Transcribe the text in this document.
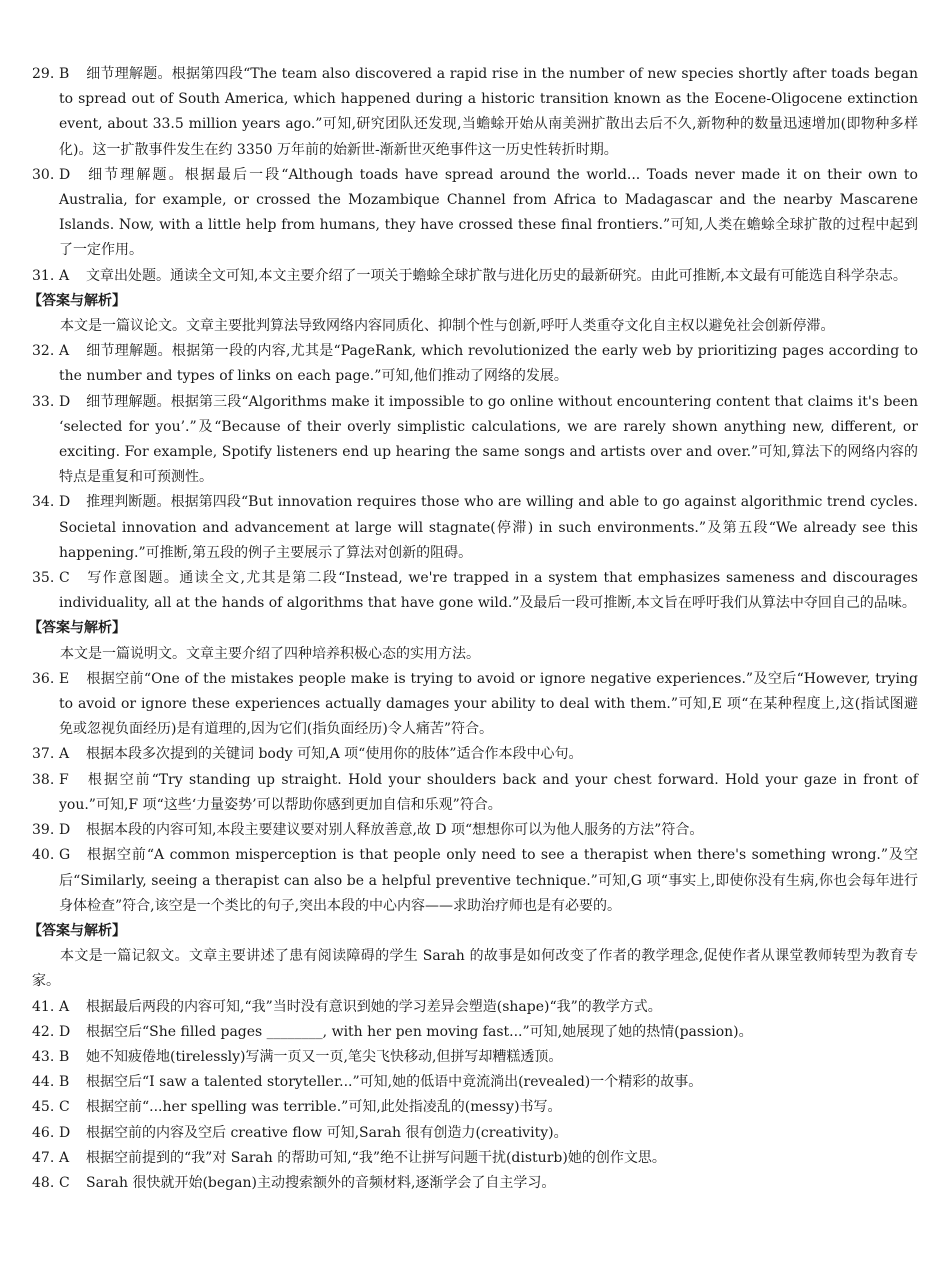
29. B 细节理解题。根据第四段“The team also discovered a rapid rise in the number of new species shortly after toads began to spread out of South America, which happened during a historic transition known as the Eocene-Oligocene extinction event, about 33.5 million years ago.”可知,研究团队还发现,当蟾蜍开始从南美洲扩散出去后不久,新物种的数量迅速增加(即物种多样化)。这一扩散事件发生在约 3350 万年前的始新世-渐新世灭绝事件这一历史性转折时期。
30. D 细节理解题。根据最后一段“Although toads have spread around the world... Toads never made it on their own to Australia, for example, or crossed the Mozambique Channel from Africa to Madagascar and the nearby Mascarene Islands. Now, with a little help from humans, they have crossed these final frontiers.”可知,人类在蟾蜍全球扩散的过程中起到了一定作用。
31. A 文章出处题。通读全文可知,本文主要介绍了一项关于蟾蜍全球扩散与进化历史的最新研究。由此可推断,本文最有可能选自科学杂志。
【答案与解析】
本文是一篇议论文。文章主要批判算法导致网络内容同质化、抑制个性与创新,呼吁人类重夺文化自主权以避免社会创新停滞。
32. A 细节理解题。根据第一段的内容,尤其是“PageRank, which revolutionized the early web by prioritizing pages according to the number and types of links on each page.”可知,他们推动了网络的发展。
33. D 细节理解题。根据第三段“Algorithms make it impossible to go online without encountering content that claims it's been ‘selected for you’.”及“Because of their overly simplistic calculations, we are rarely shown anything new, different, or exciting. For example, Spotify listeners end up hearing the same songs and artists over and over.”可知,算法下的网络内容的特点是重复和可预测性。
34. D 推理判断题。根据第四段“But innovation requires those who are willing and able to go against algorithmic trend cycles. Societal innovation and advancement at large will stagnate(停滞) in such environments.”及第五段“We already see this happening.”可推断,第五段的例子主要展示了算法对创新的阻碍。
35. C 写作意图题。通读全文,尤其是第二段“Instead, we're trapped in a system that emphasizes sameness and discourages individuality, all at the hands of algorithms that have gone wild.”及最后一段可推断,本文旨在呼吁我们从算法中夺回自己的品味。
【答案与解析】
本文是一篇说明文。文章主要介绍了四种培养积极心态的实用方法。
36. E 根据空前“One of the mistakes people make is trying to avoid or ignore negative experiences.”及空后“However, trying to avoid or ignore these experiences actually damages your ability to deal with them.”可知,E 项“在某种程度上,这(指试图避免或忽视负面经历)是有道理的,因为它们(指负面经历)令人痛苦”符合。
37. A 根据本段多次提到的关键词 body 可知,A 项“使用你的肢体”适合作本段中心句。
38. F 根据空前“Try standing up straight. Hold your shoulders back and your chest forward. Hold your gaze in front of you.”可知,F 项“这些‘力量姿势’可以帮助你感到更加自信和乐观”符合。
39. D 根据本段的内容可知,本段主要建议要对别人释放善意,故 D 项“想想你可以为他人服务的方法”符合。
40. G 根据空前“A common misperception is that people only need to see a therapist when there's something wrong.”及空后“Similarly, seeing a therapist can also be a helpful preventive technique.”可知,G 项“事实上,即使你没有生病,你也会每年进行身体检查”符合,该空是一个类比的句子,突出本段的中心内容——求助治疗师也是有必要的。
【答案与解析】
本文是一篇记叙文。文章主要讲述了患有阅读障碍的学生 Sarah 的故事是如何改变了作者的教学理念,促使作者从课堂教师转型为教育专家。
41. A 根据最后两段的内容可知,“我”当时没有意识到她的学习差异会塑造(shape)“我”的教学方式。
42. D 根据空后“She filled pages ________, with her pen moving fast...”可知,她展现了她的热情(passion)。
43. B 她不知疲倦地(tirelessly)写满一页又一页,笔尖飞快移动,但拼写却糟糕透顶。
44. B 根据空后“I saw a talented storyteller...”可知,她的低语中竟流淌出(revealed)一个精彩的故事。
45. C 根据空前“...her spelling was terrible.”可知,此处指凌乱的(messy)书写。
46. D 根据空前的内容及空后 creative flow 可知,Sarah 很有创造力(creativity)。
47. A 根据空前提到的“我”对 Sarah 的帮助可知,“我”绝不让拼写问题干扰(disturb)她的创作文思。
48. C Sarah 很快就开始(began)主动搜索额外的音频材料,逐渐学会了自主学习。
